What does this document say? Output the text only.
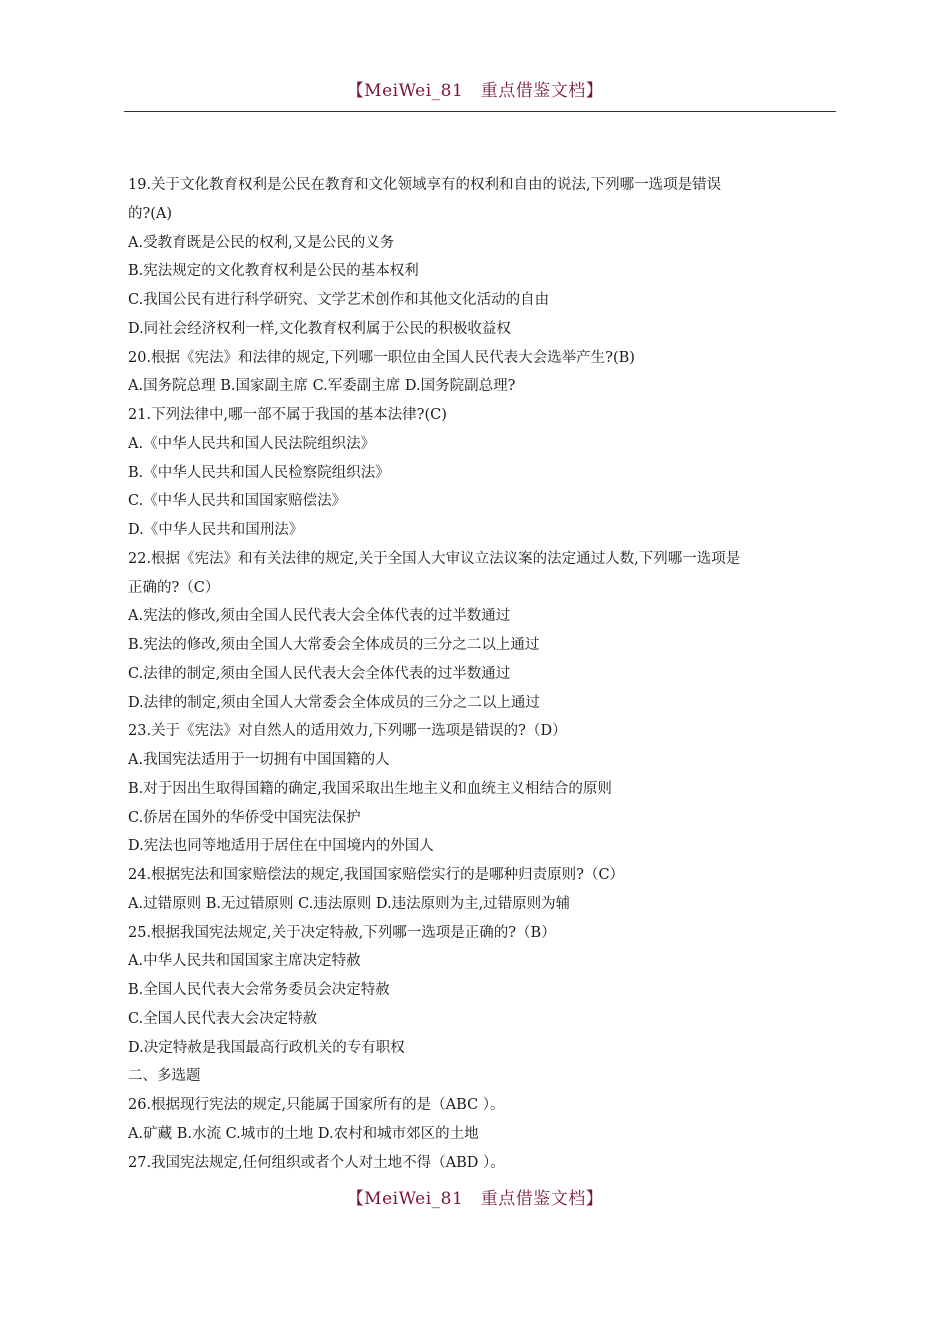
【MeiWei_81　重点借鉴文档】
19.关于文化教育权利是公民在教育和文化领域享有的权利和自由的说法,下列哪一选项是错误
的?(A)
A.受教育既是公民的权利,又是公民的义务
B.宪法规定的文化教育权利是公民的基本权利
C.我国公民有进行科学研究、文学艺术创作和其他文化活动的自由
D.同社会经济权利一样,文化教育权利属于公民的积极收益权
20.根据《宪法》和法律的规定,下列哪一职位由全国人民代表大会选举产生?(B)
A.国务院总理 B.国家副主席 C.军委副主席 D.国务院副总理?
21.下列法律中,哪一部不属于我国的基本法律?(C)
A.《中华人民共和国人民法院组织法》
B.《中华人民共和国人民检察院组织法》
C.《中华人民共和国国家赔偿法》
D.《中华人民共和国刑法》
22.根据《宪法》和有关法律的规定,关于全国人大审议立法议案的法定通过人数,下列哪一选项是
正确的?（C）
A.宪法的修改,须由全国人民代表大会全体代表的过半数通过
B.宪法的修改,须由全国人大常委会全体成员的三分之二以上通过
C.法律的制定,须由全国人民代表大会全体代表的过半数通过
D.法律的制定,须由全国人大常委会全体成员的三分之二以上通过
23.关于《宪法》对自然人的适用效力,下列哪一选项是错误的?（D）
A.我国宪法适用于一切拥有中国国籍的人
B.对于因出生取得国籍的确定,我国采取出生地主义和血统主义相结合的原则
C.侨居在国外的华侨受中国宪法保护
D.宪法也同等地适用于居住在中国境内的外国人
24.根据宪法和国家赔偿法的规定,我国国家赔偿实行的是哪种归责原则?（C）
A.过错原则 B.无过错原则 C.违法原则 D.违法原则为主,过错原则为辅
25.根据我国宪法规定,关于决定特赦,下列哪一选项是正确的?（B）
A.中华人民共和国国家主席决定特赦
B.全国人民代表大会常务委员会决定特赦
C.全国人民代表大会决定特赦
D.决定特赦是我国最高行政机关的专有职权
二、多选题
26.根据现行宪法的规定,只能属于国家所有的是（ABC ）。
A.矿藏 B.水流 C.城市的土地 D.农村和城市郊区的土地
27.我国宪法规定,任何组织或者个人对土地不得（ABD ）。
【MeiWei_81　重点借鉴文档】
